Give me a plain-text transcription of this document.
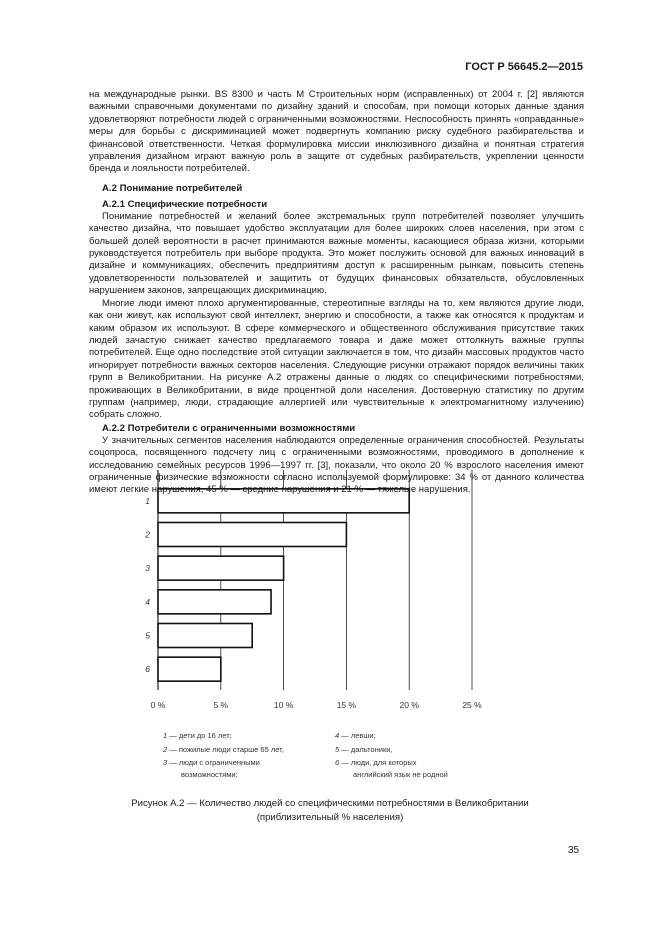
ГОСТ Р 56645.2—2015

на международные рынки. BS 8300 и часть M Строительных норм (исправленных) от 2004 г. [2] являются важными справочными документами по дизайну зданий и способам, при помощи которых данные здания удовлетворяют потребности людей с ограниченными возможностями. Неспособность принять «оправданные» меры для борьбы с дискриминацией может подвергнуть компанию риску судебного разбирательства и финансовой ответственности. Четкая формулировка миссии инклюзивного дизайна и понятная стратегия управления дизайном играют важную роль в защите от судебных разбирательств, укреплении ценности бренда и лояльности потребителей.

А.2 Понимание потребителей
А.2.1 Специфические потребности

Понимание потребностей и желаний более экстремальных групп потребителей позволяет улучшить качество дизайна, что повышает удобство эксплуатации для более широких слоев населения, при этом с большей долей вероятности в расчет принимаются важные моменты, касающиеся образа жизни, которыми руководствуется потребитель при выборе продукта. Это может послужить основой для важных инноваций в дизайне и коммуникациях, обеспечить предприятиям доступ к расширенным рынкам, повысить степень удовлетворенности пользователей и защитить от будущих финансовых обязательств, обусловленных нарушением законов, запрещающих дискриминацию.

Многие люди имеют плохо аргументированные, стереотипные взгляды на то, кем являются другие люди, как они живут, как используют свой интеллект, энергию и способности, а также как относятся к продуктам и каким образом их используют. В сфере коммерческого и общественного обслуживания присутствие таких людей зачастую снижает качество предлагаемого товара и даже может оттолкнуть важные группы потребителей. Еще одно последствие этой ситуации заключается в том, что дизайн массовых продуктов часто игнорирует потребности важных секторов населения. Следующие рисунки отражают порядок величины таких групп в Великобритании. На рисунке А.2 отражены данные о людях со специфическими потребностями, проживающих в Великобритании, в виде процентной доли населения. Достоверную статистику по другим группам (например, люди, страдающие аллергией или чувствительные к электромагнитному излучению) собрать сложно.

А.2.2 Потребители с ограниченными возможностями

У значительных сегментов населения наблюдаются определенные ограничения способностей. Результаты соцопроса, посвященного подсчету лиц с ограниченными возможностями, проводимого в дополнение к исследованию семейных ресурсов 1996—1997 гг. [3], показали, что около 20 % взрослого населения имеют ограниченные физические возможности согласно используемой формулировке: 34 % от данного количества имеют легкие нарушения, 45 % — средние нарушения и 21 % — тяжелые нарушения.

0 %	5 %	10 %	15 %	20 %	25 %
1
2
3
4
5
6
1 — дети до 16 лет;
2 — пожилые люди старше 65 лет,
3 — люди с ограниченными
возможностями;
4 — левши;
5 — дальтоники,
6 — люди, для которых
английский язык не родной
Рисунок А.2 — Количество людей со специфическими потребностями в Великобритании
(приблизительный % населения)
35
